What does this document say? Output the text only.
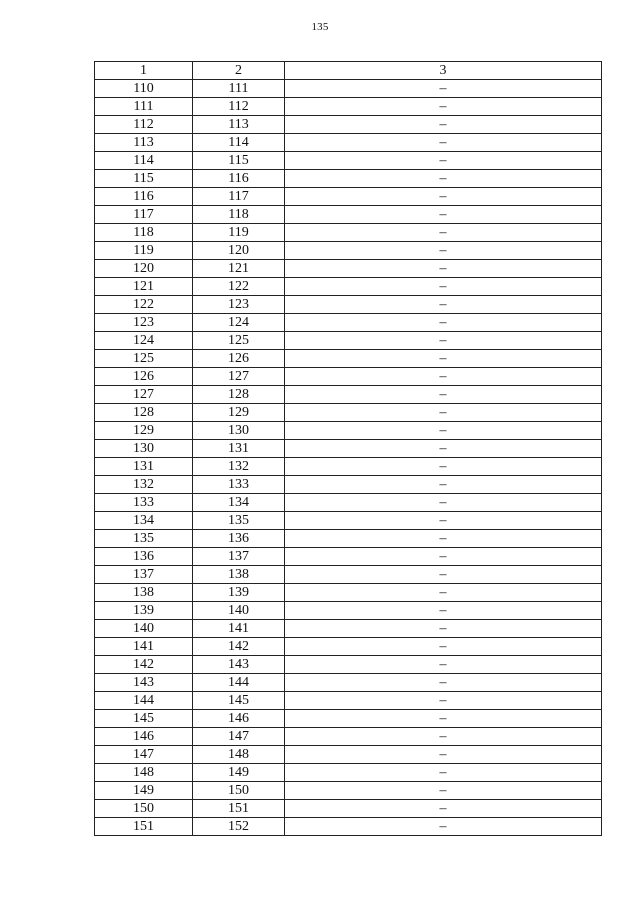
135
1	2	3
110	111	–
111	112	–
112	113	–
113	114	–
114	115	–
115	116	–
116	117	–
117	118	–
118	119	–
119	120	–
120	121	–
121	122	–
122	123	–
123	124	–
124	125	–
125	126	–
126	127	–
127	128	–
128	129	–
129	130	–
130	131	–
131	132	–
132	133	–
133	134	–
134	135	–
135	136	–
136	137	–
137	138	–
138	139	–
139	140	–
140	141	–
141	142	–
142	143	–
143	144	–
144	145	–
145	146	–
146	147	–
147	148	–
148	149	–
149	150	–
150	151	–
151	152	–
